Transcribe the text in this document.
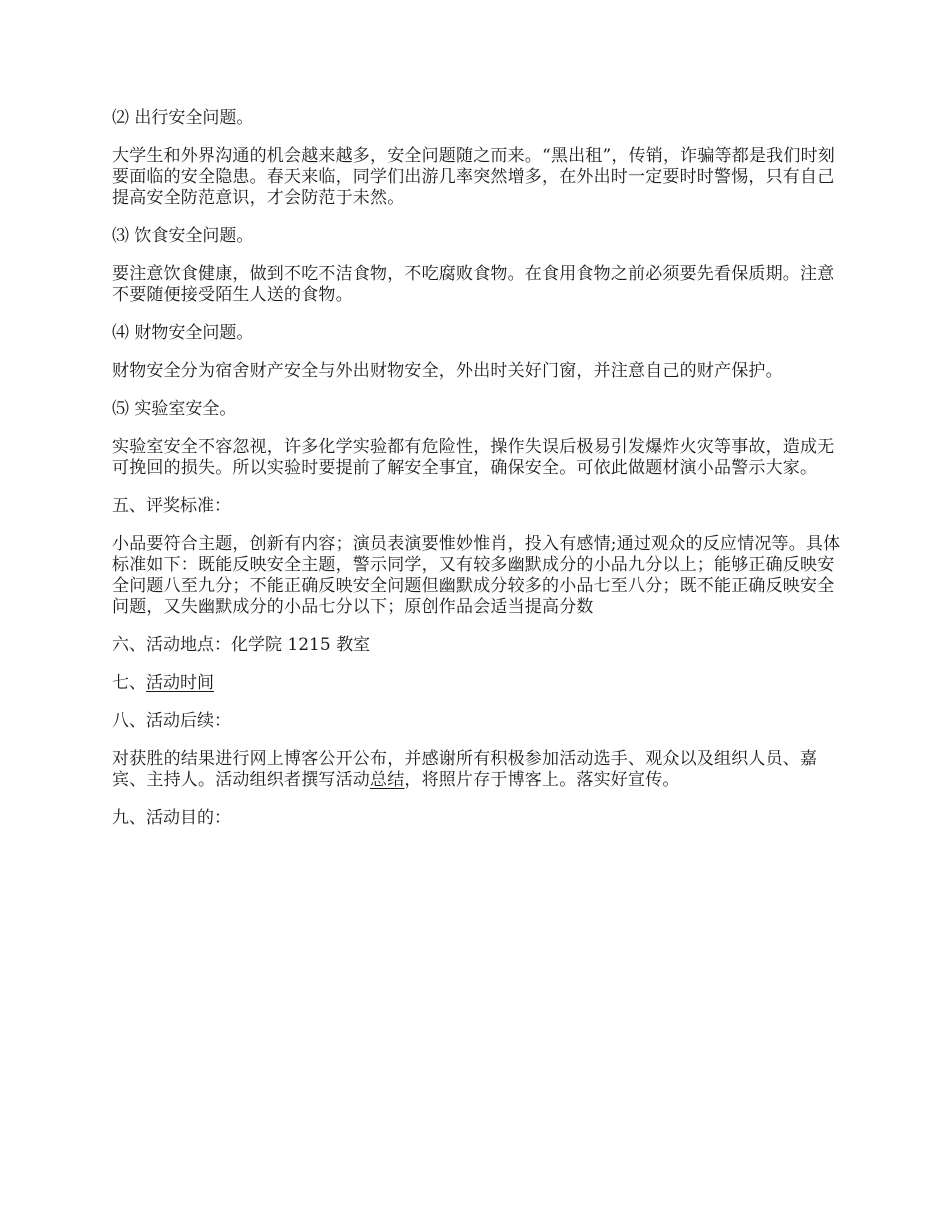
⑵ 出行安全问题。

大学生和外界沟通的机会越来越多，安全问题随之而来。“黑出租”，传销，诈骗等都是我们时刻要面临的安全隐患。春天来临，同学们出游几率突然增多，在外出时一定要时时警惕，只有自己提高安全防范意识，才会防范于未然。

⑶ 饮食安全问题。

要注意饮食健康，做到不吃不洁食物，不吃腐败食物。在食用食物之前必须要先看保质期。注意不要随便接受陌生人送的食物。

⑷ 财物安全问题。

财物安全分为宿舍财产安全与外出财物安全，外出时关好门窗，并注意自己的财产保护。

⑸ 实验室安全。

实验室安全不容忽视，许多化学实验都有危险性，操作失误后极易引发爆炸火灾等事故，造成无可挽回的损失。所以实验时要提前了解安全事宜，确保安全。可依此做题材演小品警示大家。

五、评奖标准：

小品要符合主题，创新有内容；演员表演要惟妙惟肖，投入有感情;通过观众的反应情况等。具体标准如下：既能反映安全主题，警示同学，又有较多幽默成分的小品九分以上；能够正确反映安全问题八至九分；不能正确反映安全问题但幽默成分较多的小品七至八分；既不能正确反映安全问题，又失幽默成分的小品七分以下；原创作品会适当提高分数

六、活动地点：化学院 1215 教室

七、活动时间

八、活动后续：

对获胜的结果进行网上博客公开公布，并感谢所有积极参加活动选手、观众以及组织人员、嘉宾、主持人。活动组织者撰写活动总结，将照片存于博客上。落实好宣传。

九、活动目的：
